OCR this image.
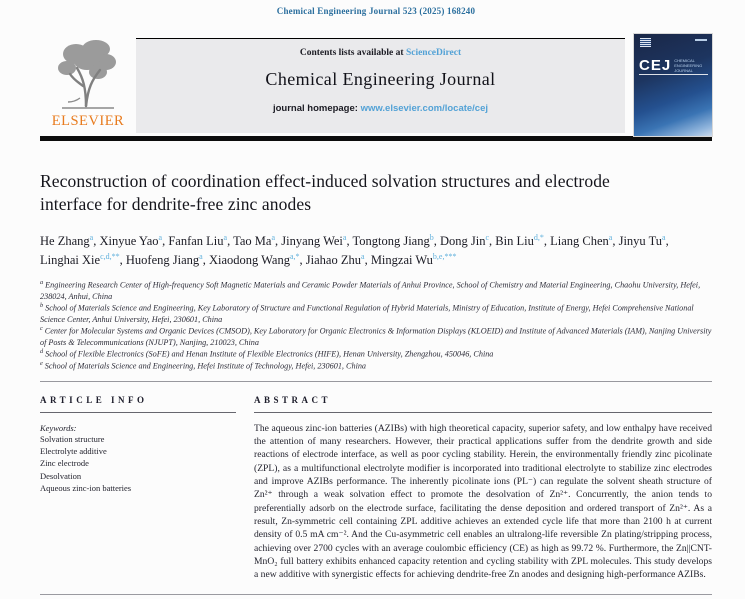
Chemical Engineering Journal 523 (2025) 168240
ELSEVIER
Contents lists available at ScienceDirect
Chemical Engineering Journal
journal homepage: www.elsevier.com/locate/cej
CEJ CHEMICAL
ENGINEERING
JOURNAL
Reconstruction of coordination effect-induced solvation structures and electrode interface for dendrite-free zinc anodes
He Zhang$^a$, Xinyue Yao$^a$, Fanfan Liu$^a$, Tao Ma$^a$, Jinyang Wei$^a$, Tongtong Jiang$^b$, Dong Jin$^c$, Bin Liu$^{d,*}$, Liang Chen$^a$, Jinyu Tu$^a$, Linghai Xie$^{c,d,**}$, Huofeng Jiang$^a$, Xiaodong Wang$^{a,*}$, Jiahao Zhu$^a$, Mingzai $Wu^{b,e,***}$
$^a$ Engineering Research Center of High-frequency Soft Magnetic Materials and Ceramic Powder Materials of Anhui Province, School of Chemistry and Material Engineering, Chaohu University, Hefei, 238024, Anhui, China
$^b$ School of Materials Science and Engineering, Key Laboratory of Structure and Functional Regulation of Hybrid Materials, Ministry of Education, Institute of Energy, Hefei Comprehensive National Science Center, Anhui University, Hefei, 230601, China
$^c$ Center for Molecular Systems and Organic Devices (CMSOD), Key Laboratory for Organic Electronics & Information Displays (KLOEID) and Institute of Advanced Materials (IAM), Nanjing University of Posts & Telecommunications (NJUPT), Nanjing, 210023, China
$^d$ School of Flexible Electronics (SoFE) and Henan Institute of Flexible Electronics (HIFE), Henan University, Zhengzhou, 450046, China
$^e$ School of Materials Science and Engineering, Hefei Institute of Technology, Hefei, 230601, China
ARTICLE INFO
Keywords:
Solvation structure
Electrolyte additive
Zinc electrode
Desolvation
Aqueous zinc-ion batteries
ABSTRACT
The aqueous zinc-ion batteries (AZIBs) with high theoretical capacity, superior safety, and low enthalpy have received the attention of many researchers. However, their practical applications suffer from the dendrite growth and side reactions of electrode interface, as well as poor cycling stability. Herein, the environmentally friendly zinc picolinate (ZPL), as a multifunctional electrolyte modifier is incorporated into traditional electrolyte to stabilize zinc electrodes and improve AZIBs performance. The inherently picolinate ions (PL⁻) can regulate the solvent sheath structure of Zn²⁺ through a weak solvation effect to promote the desolvation of Zn²⁺. Concurrently, the anion tends to preferentially adsorb on the electrode surface, facilitating the dense deposition and ordered transport of Zn²⁺. As a result, Zn-symmetric cell containing ZPL additive achieves an extended cycle life that more than 2100 h at current density of 0.5 mA cm⁻². And the Cu-asymmetric cell enables an ultralong-life reversible Zn plating/stripping process, achieving over 2700 cycles with an average coulombic efficiency (CE) as high as 99.72 %. Furthermore, the Zn||CNT-MnO₂ full battery exhibits enhanced capacity retention and cycling stability with ZPL molecules. This study develops a new additive with synergistic effects for achieving dendrite-free Zn anodes and designing high-performance AZIBs.
